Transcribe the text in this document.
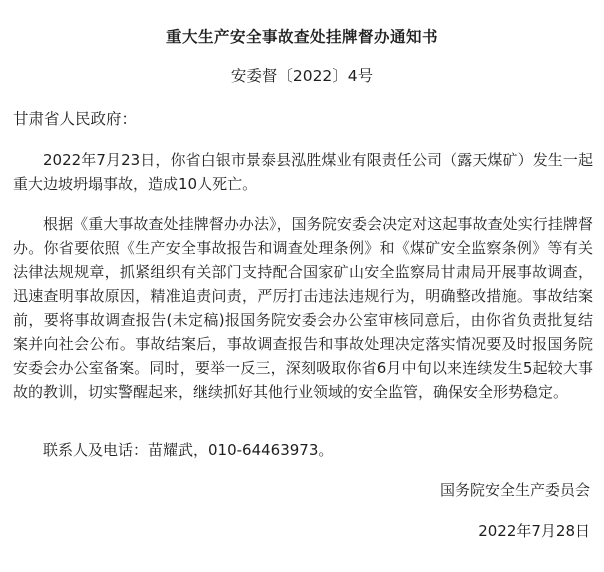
重大生产安全事故查处挂牌督办通知书
安委督〔2022〕4号
甘肃省人民政府：

2022年7月23日，你省白银市景泰县泓胜煤业有限责任公司（露天煤矿）发生一起重大边坡坍塌事故，造成10人死亡。

根据《重大事故查处挂牌督办办法》，国务院安委会决定对这起事故查处实行挂牌督办。你省要依照《生产安全事故报告和调查处理条例》和《煤矿安全监察条例》等有关法律法规规章，抓紧组织有关部门支持配合国家矿山安全监察局甘肃局开展事故调查，迅速查明事故原因，精准追责问责，严厉打击违法违规行为，明确整改措施。事故结案前，要将事故调查报告(未定稿)报国务院安委会办公室审核同意后，由你省负责批复结案并向社会公布。事故结案后，事故调查报告和事故处理决定落实情况要及时报国务院安委会办公室备案。同时，要举一反三，深刻吸取你省6月中旬以来连续发生5起较大事故的教训，切实警醒起来，继续抓好其他行业领域的安全监管，确保安全形势稳定。

联系人及电话：苗耀武，010-64463973。
国务院安全生产委员会
2022年7月28日
